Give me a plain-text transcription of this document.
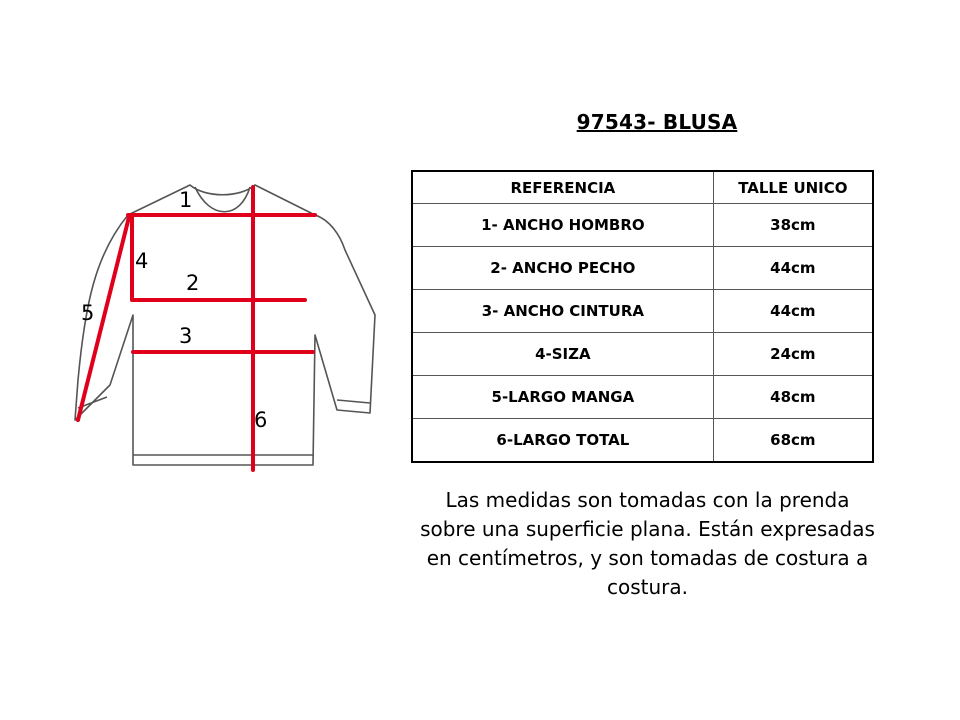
1
2
3
4
5
6
97543- BLUSA
REFERENCIA	TALLE UNICO
1- ANCHO HOMBRO	38cm
2- ANCHO PECHO	44cm
3- ANCHO CINTURA	44cm
4-SIZA	24cm
5-LARGO MANGA	48cm
6-LARGO TOTAL	68cm
Las medidas son tomadas con la prenda sobre una superficie plana. Están expresadas en centímetros, y son tomadas de costura a costura.
